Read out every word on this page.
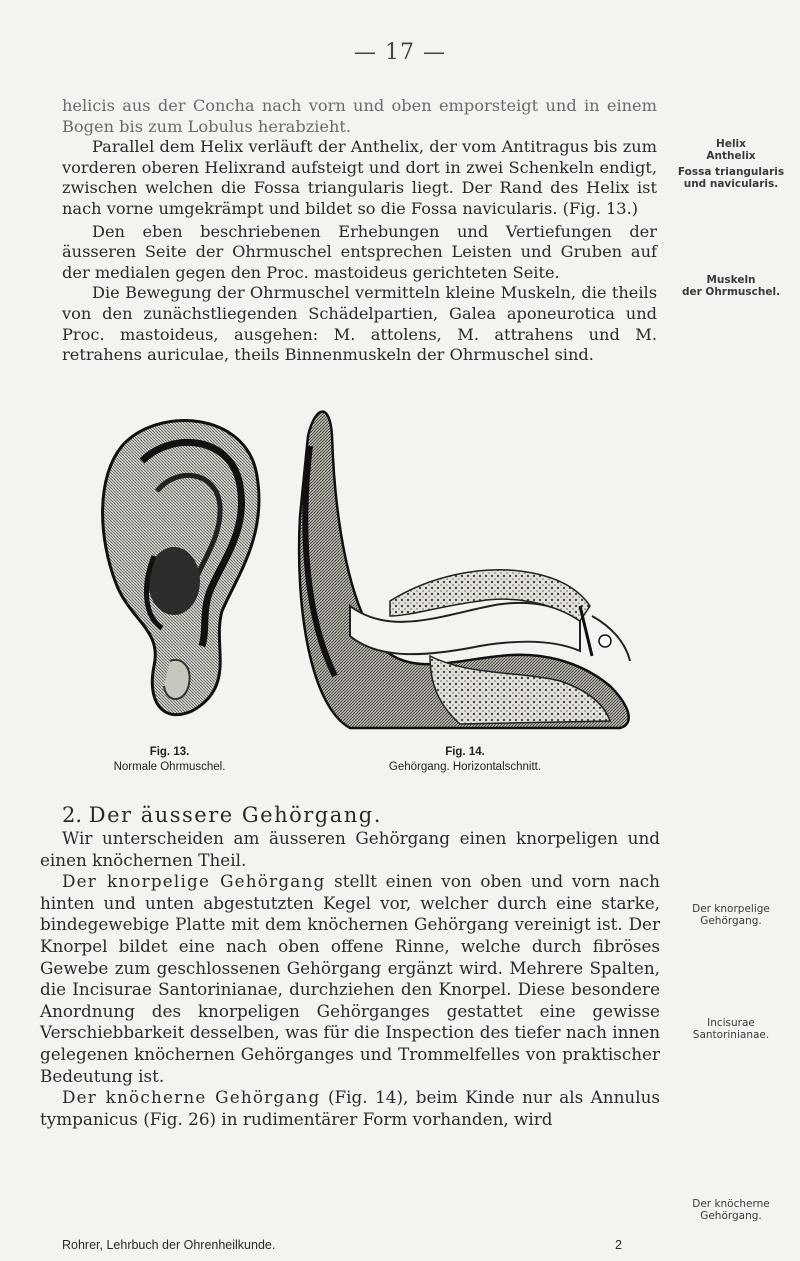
— 17 —

helicis aus der Concha nach vorn und oben emporsteigt und in einem Bogen bis zum Lobulus herabzieht.

Parallel dem Helix verläuft der Anthelix, der vom Antitragus bis zum vorderen oberen Helixrand aufsteigt und dort in zwei Schenkeln endigt, zwischen welchen die Fossa triangularis liegt. Der Rand des Helix ist nach vorne umgekrämpt und bildet so die Fossa navicularis. (Fig. 13.)

Den eben beschriebenen Erhebungen und Vertiefungen der äusseren Seite der Ohrmuschel entsprechen Leisten und Gruben auf der medialen gegen den Proc. mastoideus gerichteten Seite.

Die Bewegung der Ohrmuschel vermitteln kleine Muskeln, die theils von den zunächstliegenden Schädelpartien, Galea aponeurotica und Proc. mastoideus, ausgehen: M. attolens, M. attrahens und M. retrahens auriculae, theils Binnenmuskeln der Ohrmuschel sind.

Helix
Anthelix
Fossa triangularis
und navicularis.
Muskeln
der Ohrmuschel.
Fig. 13.
Normale Ohrmuschel.
Fig. 14.
Gehörgang. Horizontalschnitt.
2. Der äussere Gehörgang.

Wir unterscheiden am äusseren Gehörgang einen knorpeligen und einen knöchernen Theil.

Der knorpelige Gehörgang stellt einen von oben und vorn nach hinten und unten abgestutzten Kegel vor, welcher durch eine starke, bindegewebige Platte mit dem knöchernen Gehörgang vereinigt ist. Der Knorpel bildet eine nach oben offene Rinne, welche durch fibröses Gewebe zum geschlossenen Gehörgang ergänzt wird. Mehrere Spalten, die Incisurae Santorinianae, durchziehen den Knorpel. Diese besondere Anordnung des knorpeligen Gehörganges gestattet eine gewisse Verschiebbarkeit desselben, was für die Inspection des tiefer nach innen gelegenen knöchernen Gehörganges und Trommelfelles von praktischer Bedeutung ist.

Der knöcherne Gehörgang (Fig. 14), beim Kinde nur als Annulus tympanicus (Fig. 26) in rudimentärer Form vorhanden, wird

Der knorpelige
Gehörgang.
Incisurae
Santorinianae.
Der knöcherne
Gehörgang.
Rohrer, Lehrbuch der Ohrenheilkunde.	2
